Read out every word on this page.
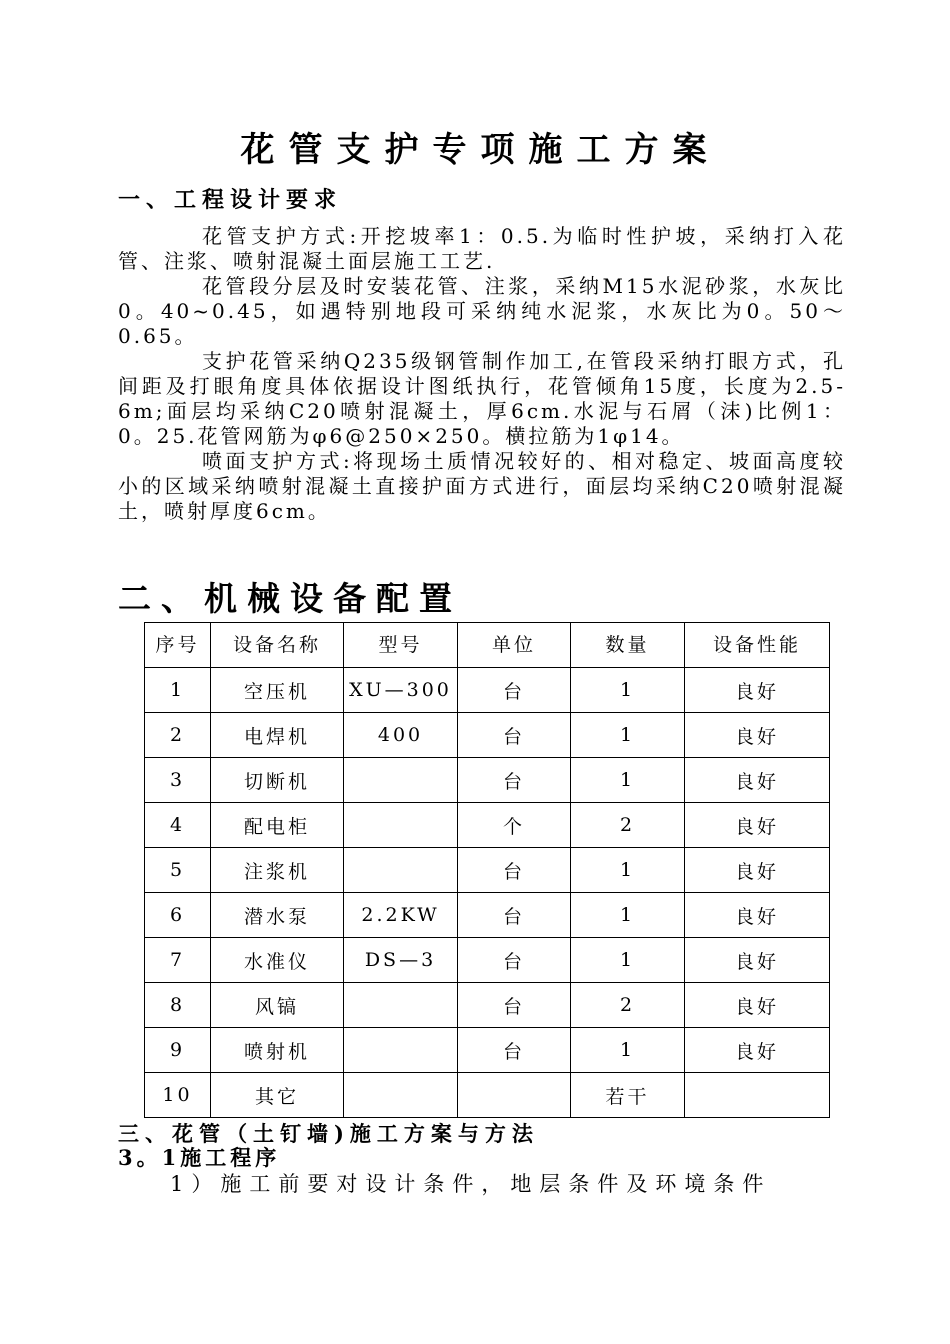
花管支护专项施工方案
一、工程设计要求

花管支护方式:开挖坡率1：0.5.为临时性护坡，采纳打入花管、注浆、喷射混凝土面层施工工艺.

花管段分层及时安装花管、注浆，采纳M15水泥砂浆，水灰比0。40~0.45，如遇特别地段可采纳纯水泥浆，水灰比为0。50～0.65。

支护花管采纳Q235级钢管制作加工,在管段采纳打眼方式，孔间距及打眼角度具体依据设计图纸执行，花管倾角15度，长度为2.5-6m;面层均采纳C20喷射混凝土，厚6cm.水泥与石屑（沫)比例1：0。25.花管网筋为φ6@250×250。横拉筋为1φ14。

喷面支护方式:将现场土质情况较好的、相对稳定、坡面高度较小的区域采纳喷射混凝土直接护面方式进行，面层均采纳C20喷射混凝土，喷射厚度6cm。

二、机械设备配置
序号	设备名称	型号	单位	数量	设备性能
1	空压机	XU—300	台	1	良好
2	电焊机	400	台	1	良好
3	切断机		台	1	良好
4	配电柜		个	2	良好
5	注浆机		台	1	良好
6	潜水泵	2.2KW	台	1	良好
7	水准仪	DS—3	台	1	良好
8	风镐		台	2	良好
9	喷射机		台	1	良好
10	其它			若干	
三、花管（土钉墙)施工方案与方法
3。1施工程序
1）施工前要对设计条件，地层条件及环境条件
